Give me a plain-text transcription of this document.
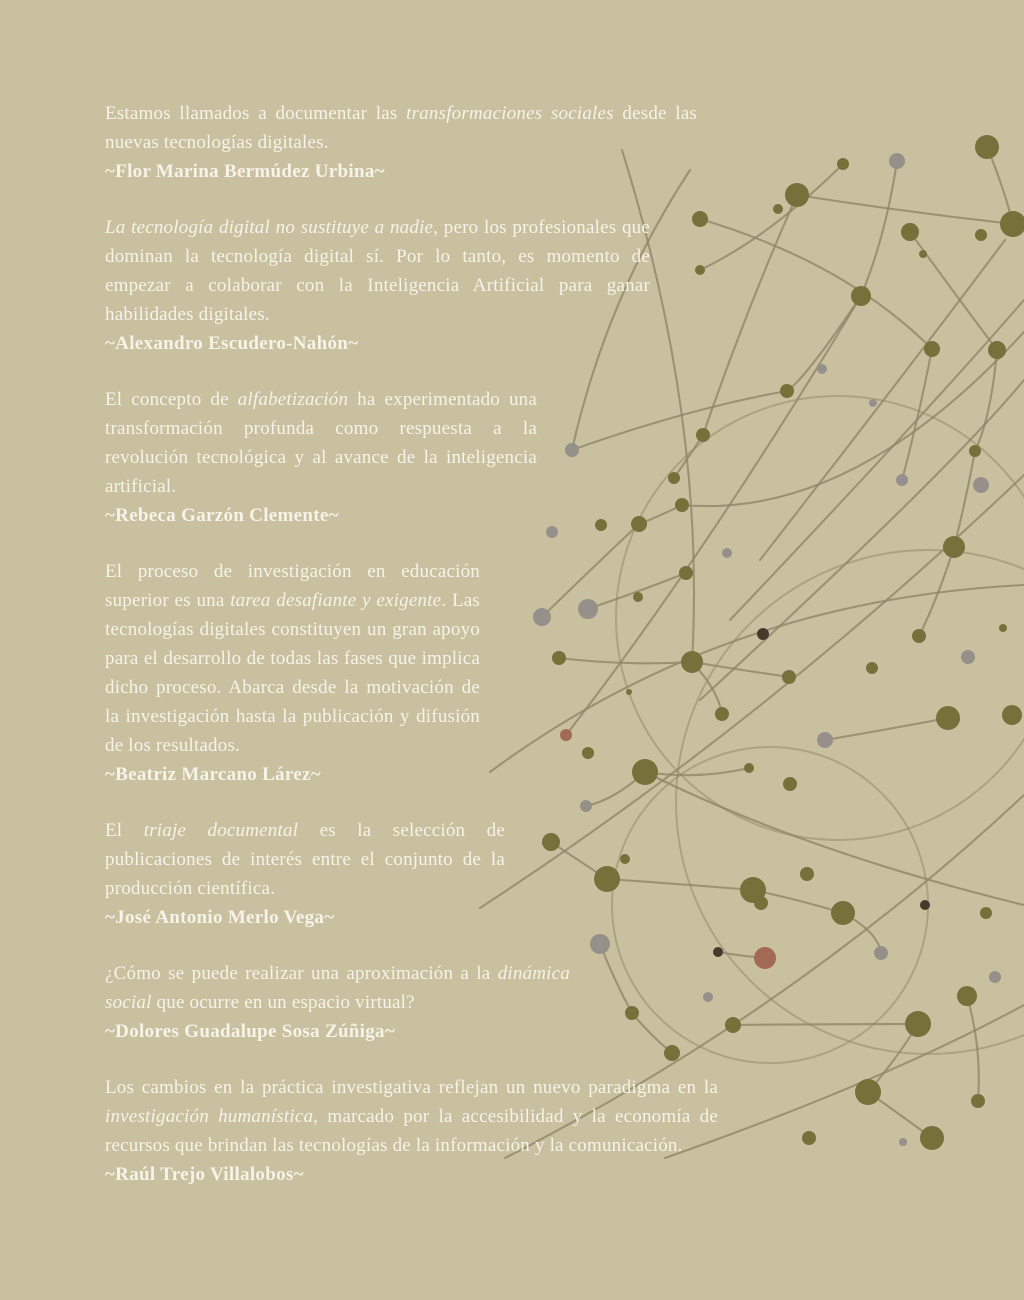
Estamos llamados a documentar las transformaciones sociales desde las nuevas tecnologías digitales.

~Flor Marina Bermúdez Urbina~

La tecnología digital no sustituye a nadie, pero los profesionales que dominan la tecnología digital sí. Por lo tanto, es momento de empezar a colaborar con la Inteligencia Artificial para ganar habilidades digitales.

~Alexandro Escudero-Nahón~

El concepto de alfabetización ha experimentado una transformación profunda como respuesta a la revolución tecnológica y al avance de la inteligencia artificial.

~Rebeca Garzón Clemente~

El proceso de investigación en educación superior es una tarea desafiante y exigente. Las tecnologías digitales constituyen un gran apoyo para el desarrollo de todas las fases que implica dicho proceso. Abarca desde la motivación de la investigación hasta la publicación y difusión de los resultados.

~Beatriz Marcano Lárez~

El triaje documental es la selección de publicaciones de interés entre el conjunto de la producción científica.

~José Antonio Merlo Vega~

¿Cómo se puede realizar una aproximación a la dinámica social que ocurre en un espacio virtual?

~Dolores Guadalupe Sosa Zúñiga~

Los cambios en la práctica investigativa reflejan un nuevo paradigma en la investigación humanística, marcado por la accesibilidad y la economía de recursos que brindan las tecnologías de la información y la comunicación.

~Raúl Trejo Villalobos~
